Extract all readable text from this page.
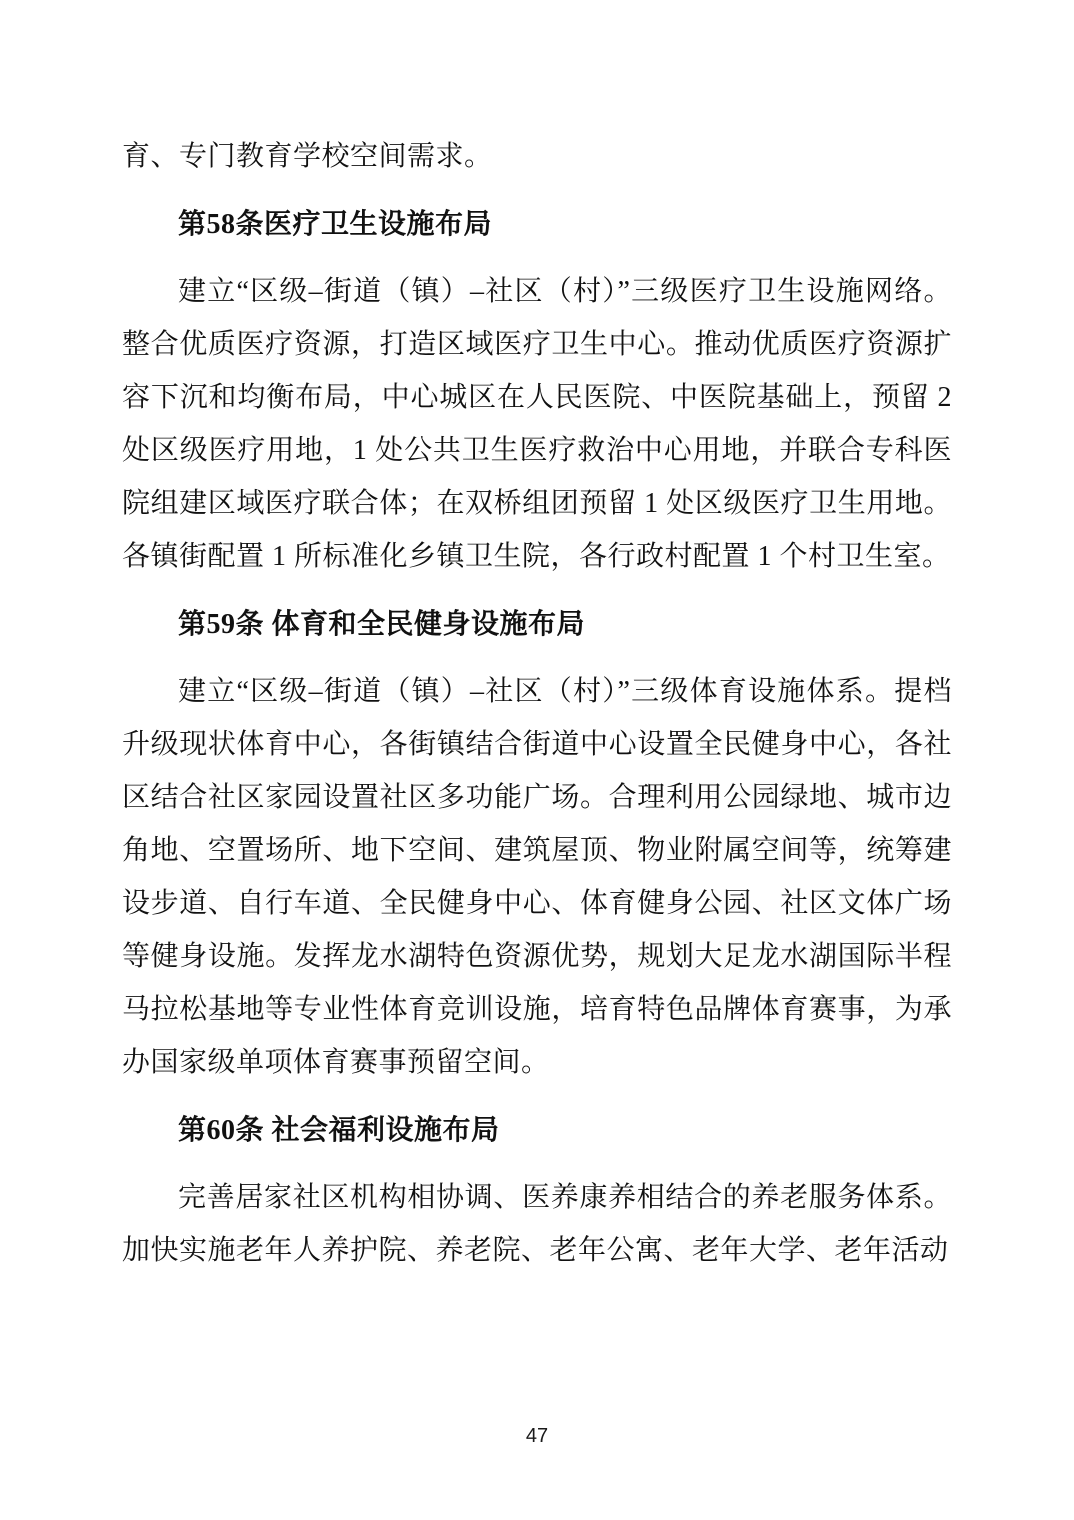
育、专门教育学校空间需求。

第58条医疗卫生设施布局

建立“区级–街道（镇）–社区（村）”三级医疗卫生设施网络。整合优质医疗资源，打造区域医疗卫生中心。推动优质医疗资源扩容下沉和均衡布局，中心城区在人民医院、中医院基础上，预留 2 处区级医疗用地，1 处公共卫生医疗救治中心用地，并联合专科医院组建区域医疗联合体；在双桥组团预留 1 处区级医疗卫生用地。各镇街配置 1 所标准化乡镇卫生院，各行政村配置 1 个村卫生室。

第59条 体育和全民健身设施布局

建立“区级–街道（镇）–社区（村）”三级体育设施体系。提档升级现状体育中心，各街镇结合街道中心设置全民健身中心，各社区结合社区家园设置社区多功能广场。合理利用公园绿地、城市边角地、空置场所、地下空间、建筑屋顶、物业附属空间等，统筹建设步道、自行车道、全民健身中心、体育健身公园、社区文体广场等健身设施。发挥龙水湖特色资源优势，规划大足龙水湖国际半程马拉松基地等专业性体育竞训设施，培育特色品牌体育赛事，为承办国家级单项体育赛事预留空间。

第60条 社会福利设施布局

完善居家社区机构相协调、医养康养相结合的养老服务体系。加快实施老年人养护院、养老院、老年公寓、老年大学、老年活动

47
